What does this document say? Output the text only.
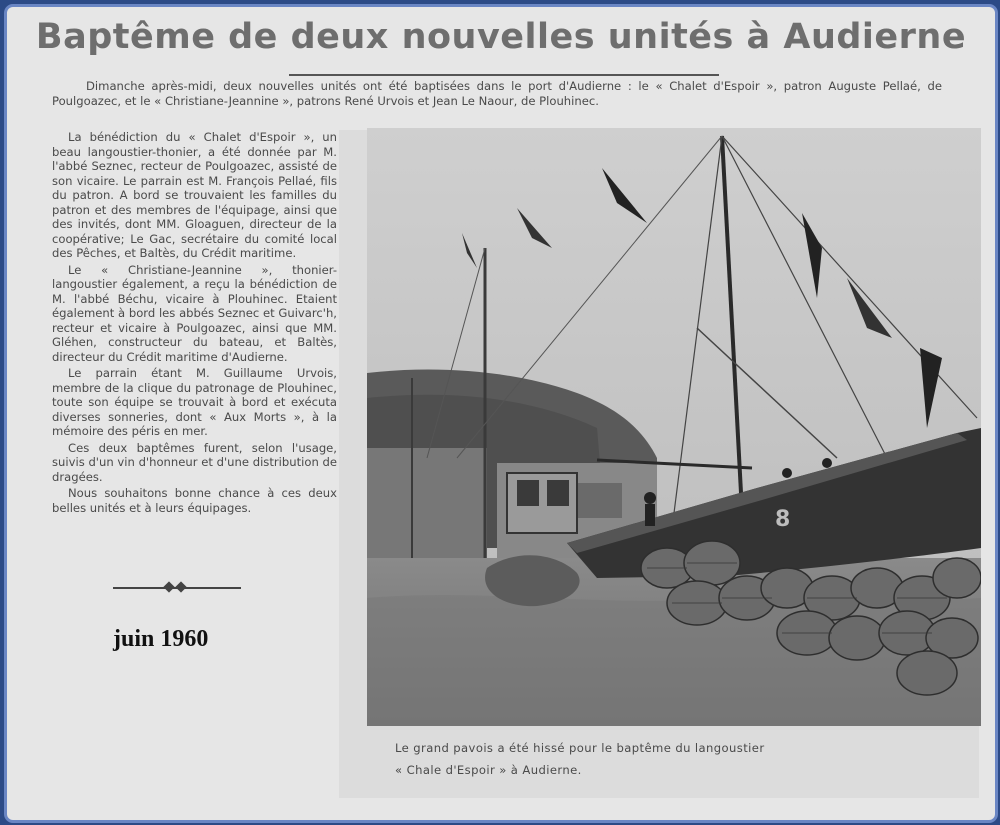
Baptême de deux nouvelles unités à Audierne
Dimanche après-midi, deux nouvelles unités ont été baptisées dans le port d'Audierne : le « Chalet d'Espoir », patron Auguste Pellaé, de Poulgoazec, et le « Christiane-Jeannine », patrons René Urvois et Jean Le Naour, de Plouhinec.

La bénédiction du « Chalet d'Espoir », un beau langoustier-thonier, a été donnée par M. l'abbé Seznec, recteur de Poulgoazec, assisté de son vicaire. Le parrain est M. François Pellaé, fils du patron. A bord se trouvaient les familles du patron et des membres de l'équipage, ainsi que des invités, dont MM. Gloaguen, directeur de la coopérative; Le Gac, secrétaire du comité local des Pêches, et Baltès, du Crédit maritime.

Le « Christiane-Jeannine », thonier-langoustier également, a reçu la bénédiction de M. l'abbé Béchu, vicaire à Plouhinec. Etaient également à bord les abbés Seznec et Guivarc'h, recteur et vicaire à Poulgoazec, ainsi que MM. Gléhen, constructeur du bateau, et Baltès, directeur du Crédit maritime d'Audierne.

Le parrain étant M. Guillaume Urvois, membre de la clique du patronage de Plouhinec, toute son équipe se trouvait à bord et exécuta diverses sonneries, dont « Aux Morts », à la mémoire des péris en mer.

Ces deux baptêmes furent, selon l'usage, suivis d'un vin d'honneur et d'une distribution de dragées.

Nous souhaitons bonne chance à ces deux belles unités et à leurs équipages.

juin 1960
8
Le grand pavois a été hissé pour le baptême du langoustier
« Chale d'Espoir » à Audierne.
